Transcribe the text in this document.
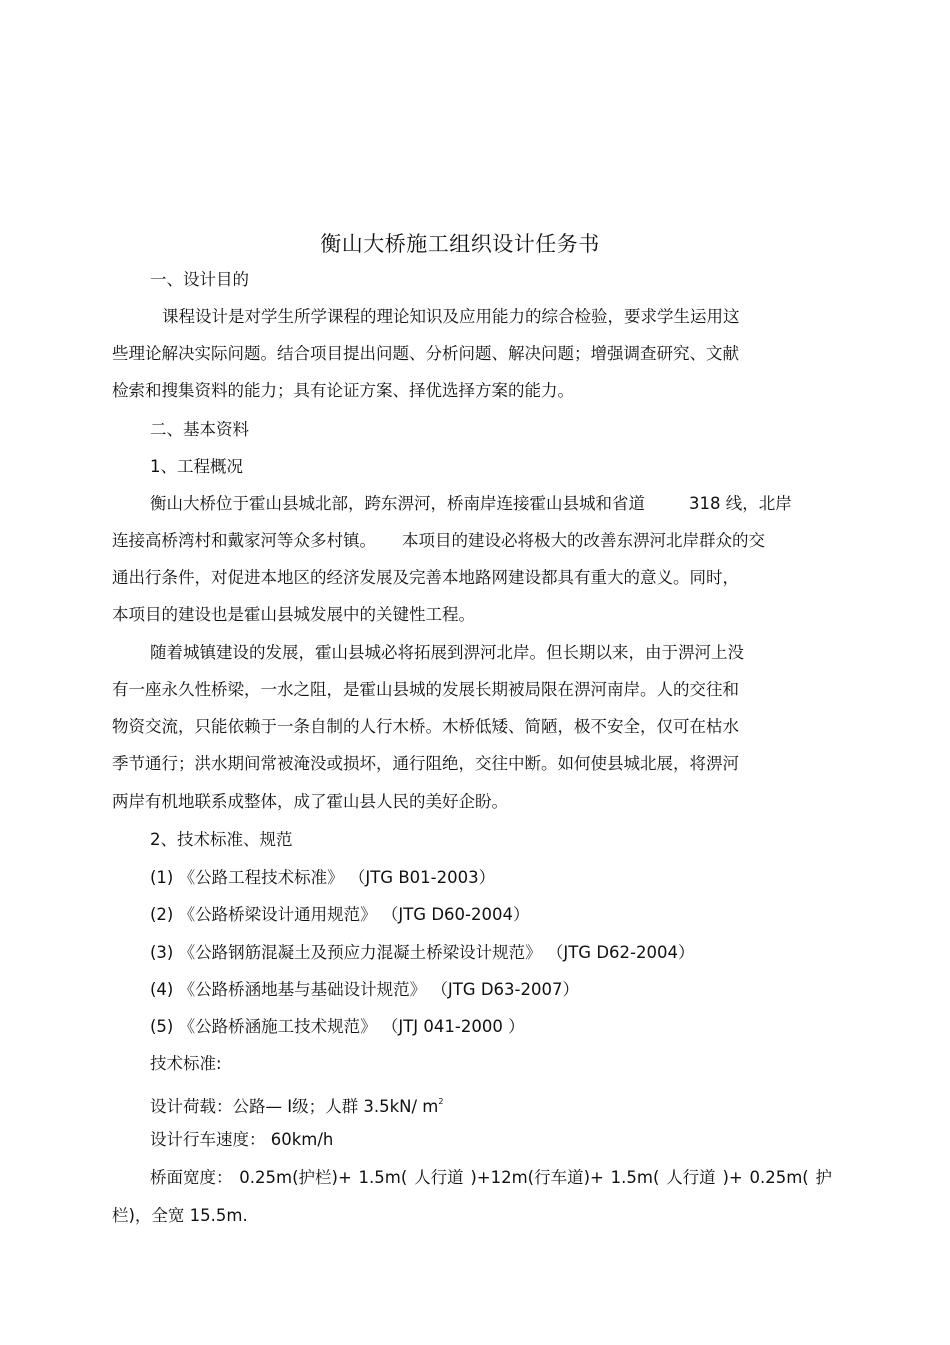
衡山大桥施工组织设计任务书
一、设计目的
课程设计是对学生所学课程的理论知识及应用能力的综合检验，要求学生运用这
些理论解决实际问题。结合项目提出问题、分析问题、解决问题；增强调查研究、文献
检索和搜集资料的能力；具有论证方案、择优选择方案的能力。
二、基本资料
1、工程概况
衡山大桥位于霍山县城北部，跨东淠河，桥南岸连接霍山县城和省道	318 线，北岸
连接高桥湾村和戴家河等众多村镇。 本项目的建设必将极大的改善东淠河北岸群众的交
通出行条件，对促进本地区的经济发展及完善本地路网建设都具有重大的意义。同时，
本项目的建设也是霍山县城发展中的关键性工程。
随着城镇建设的发展，霍山县城必将拓展到淠河北岸。但长期以来，由于淠河上没
有一座永久性桥梁，一水之阻，是霍山县城的发展长期被局限在淠河南岸。人的交往和
物资交流，只能依赖于一条自制的人行木桥。木桥低矮、简陋，极不安全，仅可在枯水
季节通行；洪水期间常被淹没或损坏，通行阻绝，交往中断。如何使县城北展，将淠河
两岸有机地联系成整体，成了霍山县人民的美好企盼。
2、技术标准、规范
(1) 《公路工程技术标准》 （JTG B01-2003）
(2) 《公路桥梁设计通用规范》 （JTG D60-2004）
(3) 《公路钢筋混凝土及预应力混凝土桥梁设计规范》 （JTG D62-2004）
(4) 《公路桥涵地基与基础设计规范》 （JTG D63-2007）
(5) 《公路桥涵施工技术规范》 （JTJ 041-2000 ）
技术标准:
设计荷载：公路— Ⅰ级；人群 3.5kN/ $m^2$
设计行车速度： 60km/h
桥面宽度： 0.25m(护栏)+ 1.5m( 人行道 )+12m(行车道)+ 1.5m( 人行道 )+ 0.25m( 护
栏)，全宽 15.5m.
